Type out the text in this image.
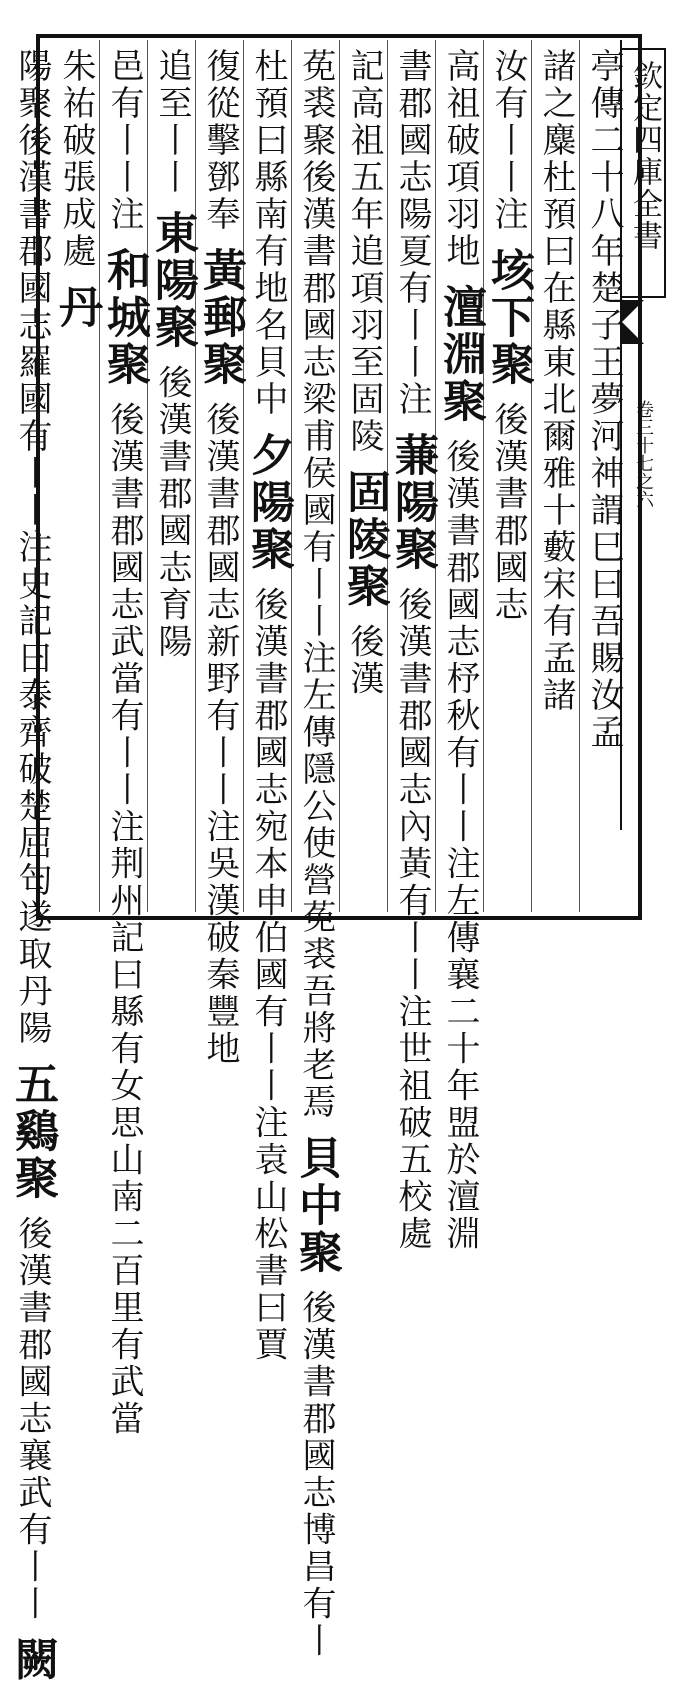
欽定四庫全書
卷三十七之六
亭傳二十八年楚子王夢河神謂巳曰吾賜汝孟
諸之麋杜預曰在縣東北爾雅十藪宋有孟諸
汝有丨丨注 垓下聚 後漢書郡國志
高祖破項羽地 澶淵聚 後漢書郡國志杼秋有丨丨注左傳襄二十年盟於澶淵
書郡國志陽夏有丨丨注 蒹陽聚 後漢書郡國志內黃有丨丨注世祖破五校處
記高祖五年追項羽至固陵 固陵聚 後漢
莬裘聚後漢書郡國志梁甫侯國有丨丨注左傳隱公使營莬裘吾將老焉 貝中聚 後漢書郡國志博昌有丨
杜預曰縣南有地名貝中 夕陽聚 後漢書郡國志宛本申伯國有丨丨注袁山松書曰賈
復從擊鄧奉 黃郵聚 後漢書郡國志新野有丨丨注吳漢破秦豐地
追至丨丨 東陽聚 後漢書郡國志育陽
邑有丨丨注 和城聚 後漢書郡國志武當有丨丨注荆州記曰縣有女思山南二百里有武當
朱祐破張成處 丹
陽聚後漢書郡國志羅國有丨丨注史記曰泰齊破楚屈匄遂取丹陽 五鷄聚 後漢書郡國志襄武有丨丨 闕
